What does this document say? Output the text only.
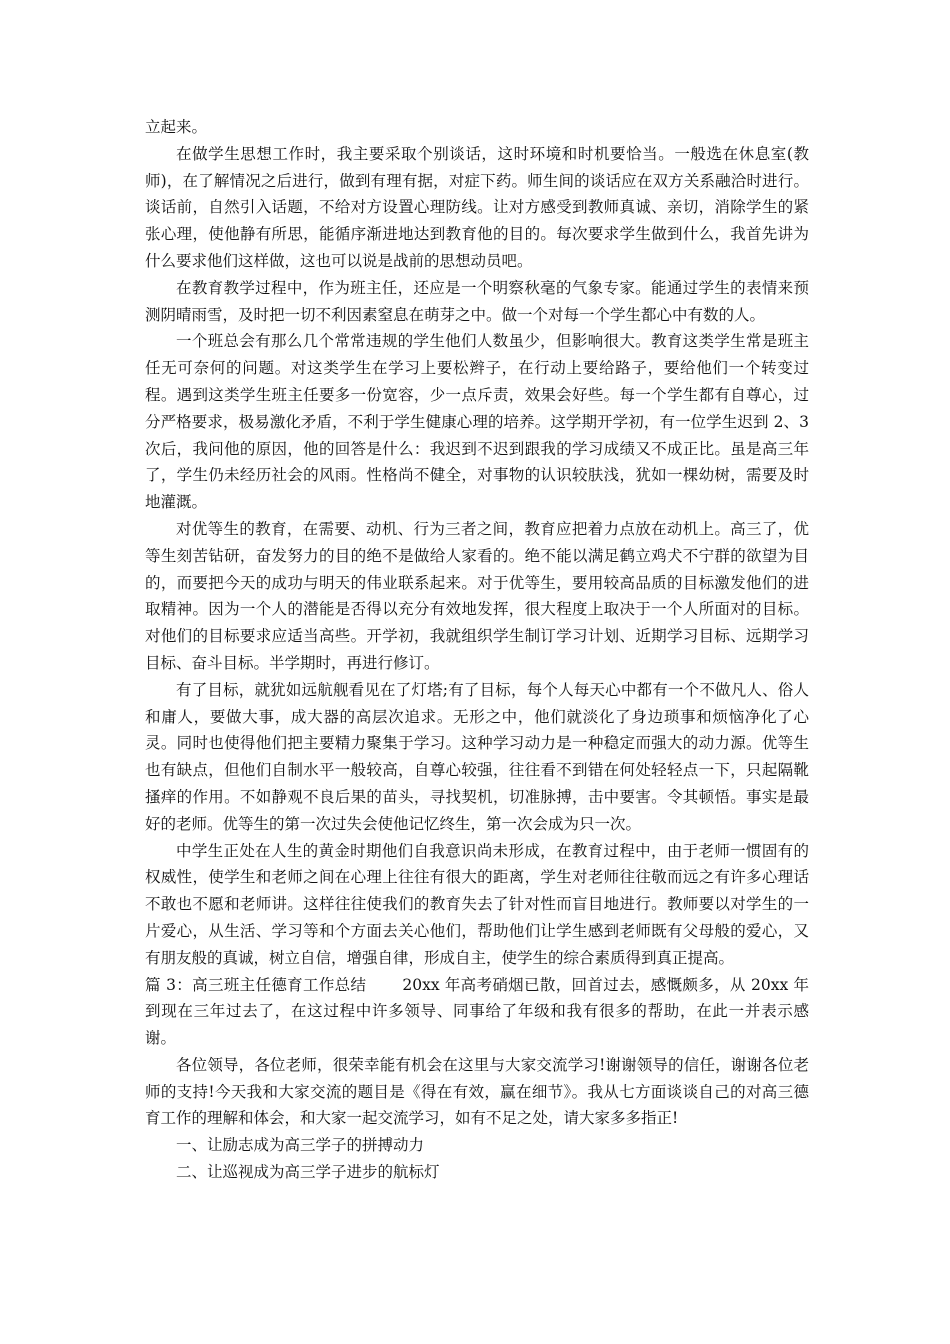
立起来。

在做学生思想工作时，我主要采取个别谈话，这时环境和时机要恰当。一般选在休息室(教师)，在了解情况之后进行，做到有理有据，对症下药。师生间的谈话应在双方关系融洽时进行。谈话前，自然引入话题，不给对方设置心理防线。让对方感受到教师真诚、亲切，消除学生的紧张心理，使他静有所思，能循序渐进地达到教育他的目的。每次要求学生做到什么，我首先讲为什么要求他们这样做，这也可以说是战前的思想动员吧。

在教育教学过程中，作为班主任，还应是一个明察秋毫的气象专家。能通过学生的表情来预测阴晴雨雪，及时把一切不利因素窒息在萌芽之中。做一个对每一个学生都心中有数的人。

一个班总会有那么几个常常违规的学生他们人数虽少，但影响很大。教育这类学生常是班主任无可奈何的问题。对这类学生在学习上要松辫子，在行动上要给路子，要给他们一个转变过程。遇到这类学生班主任要多一份宽容，少一点斥责，效果会好些。每一个学生都有自尊心，过分严格要求，极易激化矛盾，不利于学生健康心理的培养。这学期开学初，有一位学生迟到 2、3 次后，我问他的原因，他的回答是什么：我迟到不迟到跟我的学习成绩又不成正比。虽是高三年了，学生仍未经历社会的风雨。性格尚不健全，对事物的认识较肤浅，犹如一棵幼树，需要及时地灌溉。

对优等生的教育，在需要、动机、行为三者之间，教育应把着力点放在动机上。高三了，优等生刻苦钻研，奋发努力的目的绝不是做给人家看的。绝不能以满足鹤立鸡犬不宁群的欲望为目的，而要把今天的成功与明天的伟业联系起来。对于优等生，要用较高品质的目标激发他们的进取精神。因为一个人的潜能是否得以充分有效地发挥，很大程度上取决于一个人所面对的目标。对他们的目标要求应适当高些。开学初，我就组织学生制订学习计划、近期学习目标、远期学习目标、奋斗目标。半学期时，再进行修订。

有了目标，就犹如远航舰看见在了灯塔;有了目标，每个人每天心中都有一个不做凡人、俗人和庸人，要做大事，成大器的高层次追求。无形之中，他们就淡化了身边琐事和烦恼净化了心灵。同时也使得他们把主要精力聚集于学习。这种学习动力是一种稳定而强大的动力源。优等生也有缺点，但他们自制水平一般较高，自尊心较强，往往看不到错在何处轻轻点一下，只起隔靴搔痒的作用。不如静观不良后果的苗头，寻找契机，切准脉搏，击中要害。令其顿悟。事实是最好的老师。优等生的第一次过失会使他记忆终生，第一次会成为只一次。

中学生正处在人生的黄金时期他们自我意识尚未形成，在教育过程中，由于老师一惯固有的权威性，使学生和老师之间在心理上往往有很大的距离，学生对老师往往敬而远之有许多心理话不敢也不愿和老师讲。这样往往使我们的教育失去了针对性而盲目地进行。教师要以对学生的一片爱心，从生活、学习等和个方面去关心他们，帮助他们让学生感到老师既有父母般的爱心，又有朋友般的真诚，树立自信，增强自律，形成自主，使学生的综合素质得到真正提高。

篇 3：高三班主任德育工作总结 20xx 年高考硝烟已散，回首过去，感慨颇多，从 20xx 年到现在三年过去了，在这过程中许多领导、同事给了年级和我有很多的帮助，在此一并表示感谢。

各位领导，各位老师，很荣幸能有机会在这里与大家交流学习!谢谢领导的信任，谢谢各位老师的支持!今天我和大家交流的题目是《得在有效，赢在细节》。我从七方面谈谈自己的对高三德育工作的理解和体会，和大家一起交流学习，如有不足之处，请大家多多指正!

一、让励志成为高三学子的拼搏动力

二、让巡视成为高三学子进步的航标灯
